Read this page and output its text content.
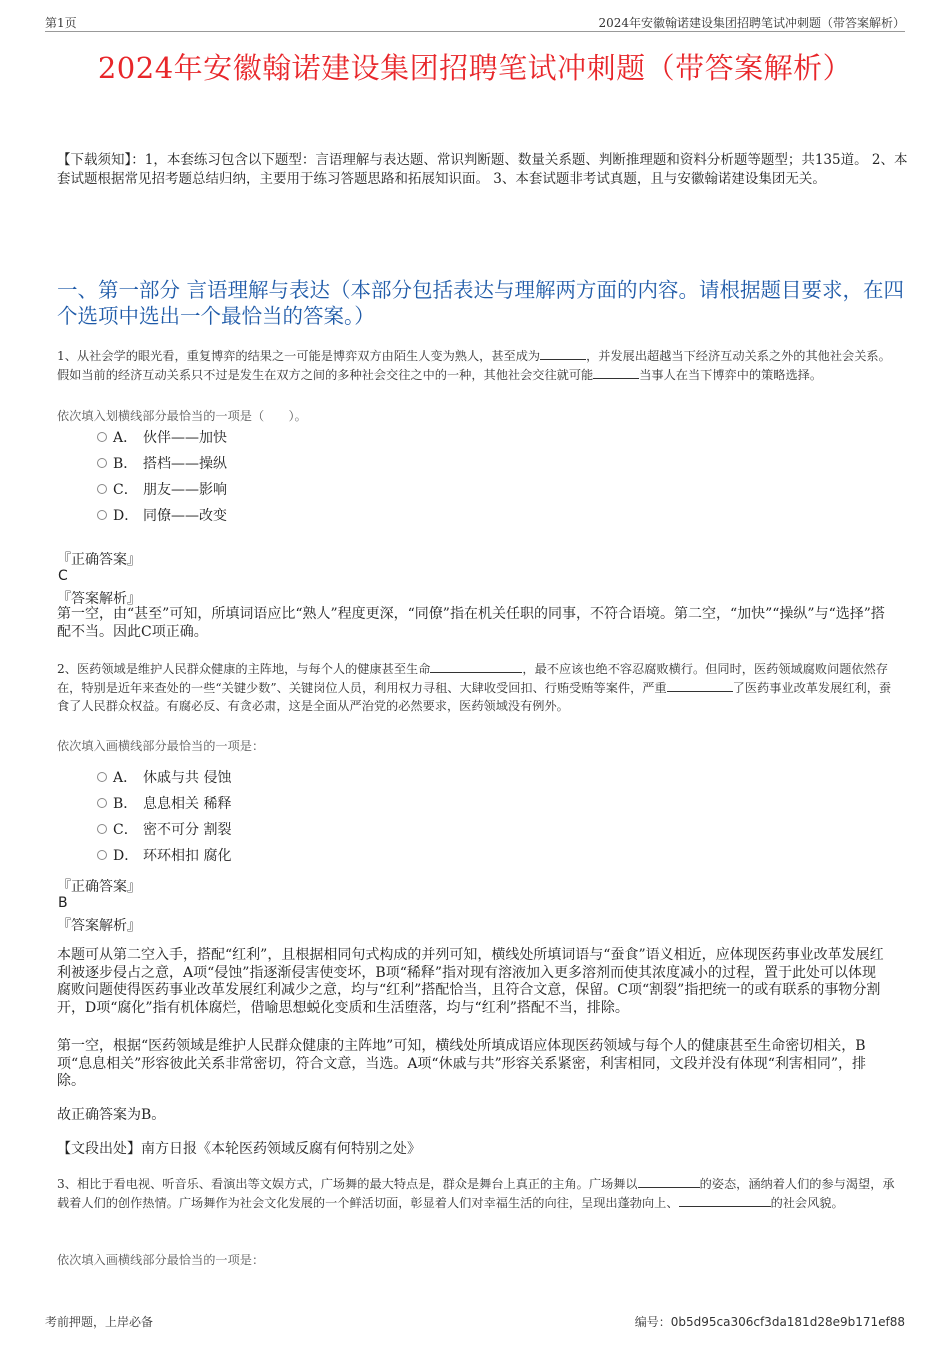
第1页	2024年安徽翰诺建设集团招聘笔试冲刺题（带答案解析）
2024年安徽翰诺建设集团招聘笔试冲刺题（带答案解析）
【下载须知】：1，本套练习包含以下题型：言语理解与表达题、常识判断题、数量关系题、判断推理题和资料分析题等题型；共135道。 2、本套试题根据常见招考题总结归纳，主要用于练习答题思路和拓展知识面。 3、本套试题非考试真题，且与安徽翰诺建设集团无关。
一、第一部分 言语理解与表达（本部分包括表达与理解两方面的内容。请根据题目要求，在四个选项中选出一个最恰当的答案。）
1、从社会学的眼光看，重复博弈的结果之一可能是博弈双方由陌生人变为熟人，甚至成为	，并发展出超越当下经济互动关系之外的其他社会关系。假如当前的经济互动关系只不过是发生在双方之间的多种社会交往之中的一种，其他社会交往就可能	当事人在当下博弈中的策略选择。
依次填入划横线部分最恰当的一项是（　　）。
A． 伙伴——加快
B． 搭档——操纵
C． 朋友——影响
D． 同僚——改变
『正确答案』
C
『答案解析』
第一空，由“甚至”可知，所填词语应比“熟人”程度更深，“同僚”指在机关任职的同事，不符合语境。第二空，“加快”“操纵”与“选择”搭配不当。因此C项正确。
2、医药领域是维护人民群众健康的主阵地，与每个人的健康甚至生命	，最不应该也绝不容忍腐败横行。但同时，医药领域腐败问题依然存在，特别是近年来查处的一些“关键少数”、关键岗位人员，利用权力寻租、大肆收受回扣、行贿受贿等案件，严重	了医药事业改革发展红利，蚕食了人民群众权益。有腐必反、有贪必肃，这是全面从严治党的必然要求，医药领域没有例外。
依次填入画横线部分最恰当的一项是：
A． 休戚与共 侵蚀
B． 息息相关 稀释
C． 密不可分 割裂
D． 环环相扣 腐化
『正确答案』
B
『答案解析』
本题可从第二空入手，搭配“红利”，且根据相同句式构成的并列可知，横线处所填词语与“蚕食”语义相近，应体现医药事业改革发展红利被逐步侵占之意，A项“侵蚀”指逐渐侵害使变坏，B项“稀释”指对现有溶液加入更多溶剂而使其浓度减小的过程，置于此处可以体现腐败问题使得医药事业改革发展红利减少之意，均与“红利”搭配恰当，且符合文意，保留。C项“割裂”指把统一的或有联系的事物分割开，D项“腐化”指有机体腐烂，借喻思想蜕化变质和生活堕落，均与“红利”搭配不当，排除。
第一空，根据“医药领域是维护人民群众健康的主阵地”可知，横线处所填成语应体现医药领域与每个人的健康甚至生命密切相关，B项“息息相关”形容彼此关系非常密切，符合文意，当选。A项“休戚与共”形容关系紧密，利害相同，文段并没有体现“利害相同”，排除。
故正确答案为B。
【文段出处】南方日报《本轮医药领域反腐有何特别之处》
3、相比于看电视、听音乐、看演出等文娱方式，广场舞的最大特点是，群众是舞台上真正的主角。广场舞以	的姿态，涵纳着人们的参与渴望，承载着人们的创作热情。广场舞作为社会文化发展的一个鲜活切面，彰显着人们对幸福生活的向往，呈现出蓬勃向上、	的社会风貌。
依次填入画横线部分最恰当的一项是：
考前押题，上岸必备	编号：0b5d95ca306cf3da181d28e9b171ef88
